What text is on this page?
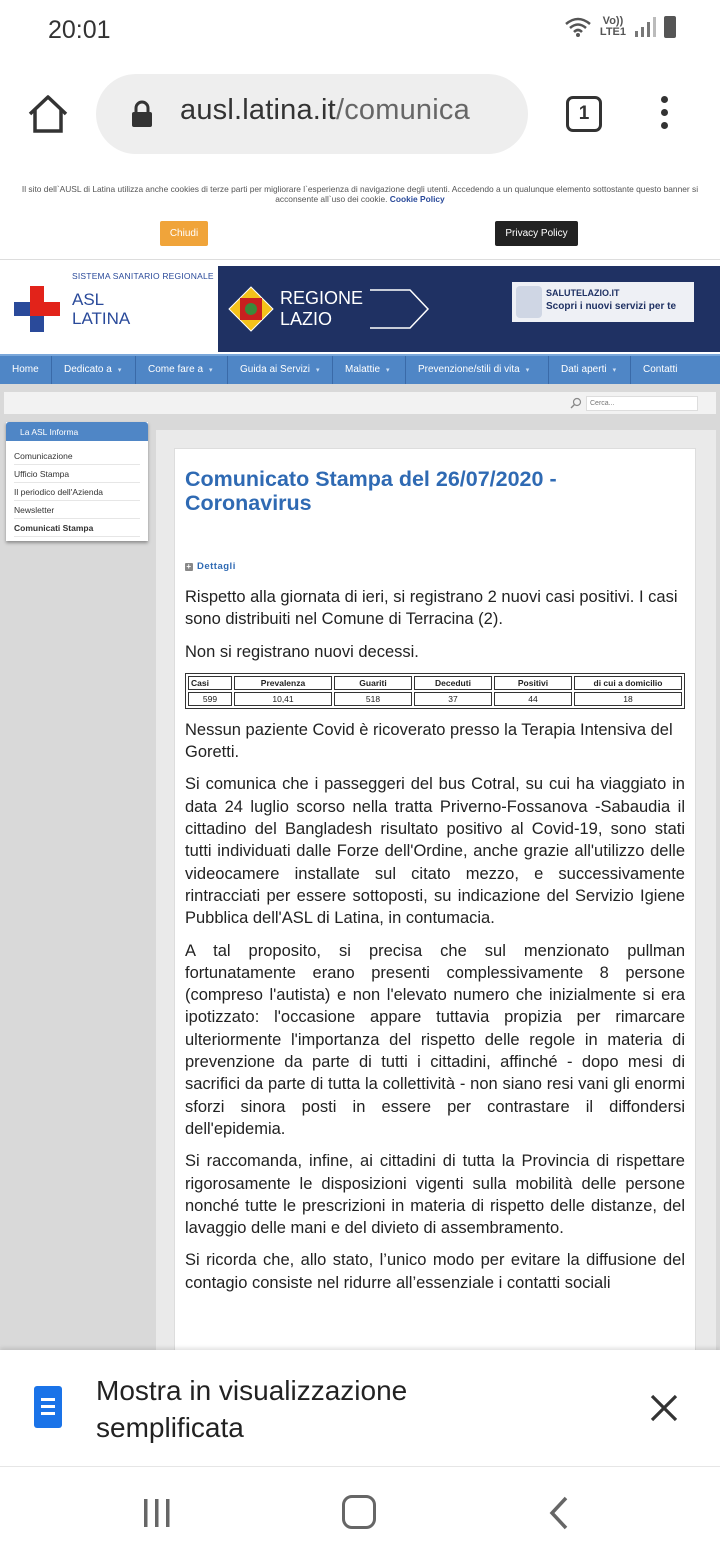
20:01	Vo))
LTE1
ausl.latina.it/comunica	1

Il sito dell`AUSL di Latina utilizza anche cookies di terze parti per migliorare l`esperienza di navigazione degli utenti. Accedendo a un qualunque elemento sottostante questo banner si acconsente all`uso dei cookie. Cookie Policy

Chiudi	Privacy Policy
SISTEMA SANITARIO REGIONALE
ASL
LATINA
REGIONE
LAZIO
SALUTELAZIO.IT
Scopri i nuovi servizi per te
Home	Dedicato a ▾	Come fare a ▾	Guida ai Servizi ▾	Malattie ▾	Prevenzione/stili di vita ▾	Dati aperti ▾	Contatti
Cerca...
La ASL Informa
Comunicazione
Ufficio Stampa
Il periodico dell'Azienda
Newsletter
Comunicati Stampa
Comunicato Stampa del 26/07/2020 - Coronavirus
+ Dettagli

Rispetto alla giornata di ieri, si registrano 2 nuovi casi positivi. I casi sono distribuiti nel Comune di Terracina (2).

Non si registrano nuovi decessi.

Casi	Prevalenza	Guariti	Deceduti	Positivi	di cui a domicilio
599	10,41	518	37	44	18

Nessun paziente Covid è ricoverato presso la Terapia Intensiva del Goretti.

Si comunica che i passeggeri del bus Cotral, su cui ha viaggiato in data 24 luglio scorso nella tratta Priverno-Fossanova -Sabaudia il cittadino del Bangladesh risultato positivo al Covid-19, sono stati tutti individuati dalle Forze dell'Ordine, anche grazie all'utilizzo delle videocamere installate sul citato mezzo, e successivamente rintracciati per essere sottoposti, su indicazione del Servizio Igiene Pubblica dell'ASL di Latina, in contumacia.

A tal proposito, si precisa che sul menzionato pullman fortunatamente erano presenti complessivamente 8 persone (compreso l'autista) e non l'elevato numero che inizialmente si era ipotizzato: l'occasione appare tuttavia propizia per rimarcare ulteriormente l'importanza del rispetto delle regole in materia di prevenzione da parte di tutti i cittadini, affinché - dopo mesi di sacrifici da parte di tutta la collettività - non siano resi vani gli enormi sforzi sinora posti in essere per contrastare il diffondersi dell'epidemia.

Si raccomanda, infine, ai cittadini di tutta la Provincia di rispettare rigorosamente le disposizioni vigenti sulla mobilità delle persone nonché tutte le prescrizioni in materia di rispetto delle distanze, del lavaggio delle mani e del divieto di assembramento.

Si ricorda che, allo stato, l’unico modo per evitare la diffusione del contagio consiste nel ridurre all’essenziale i contatti sociali

Mostra in visualizzazione semplificata
